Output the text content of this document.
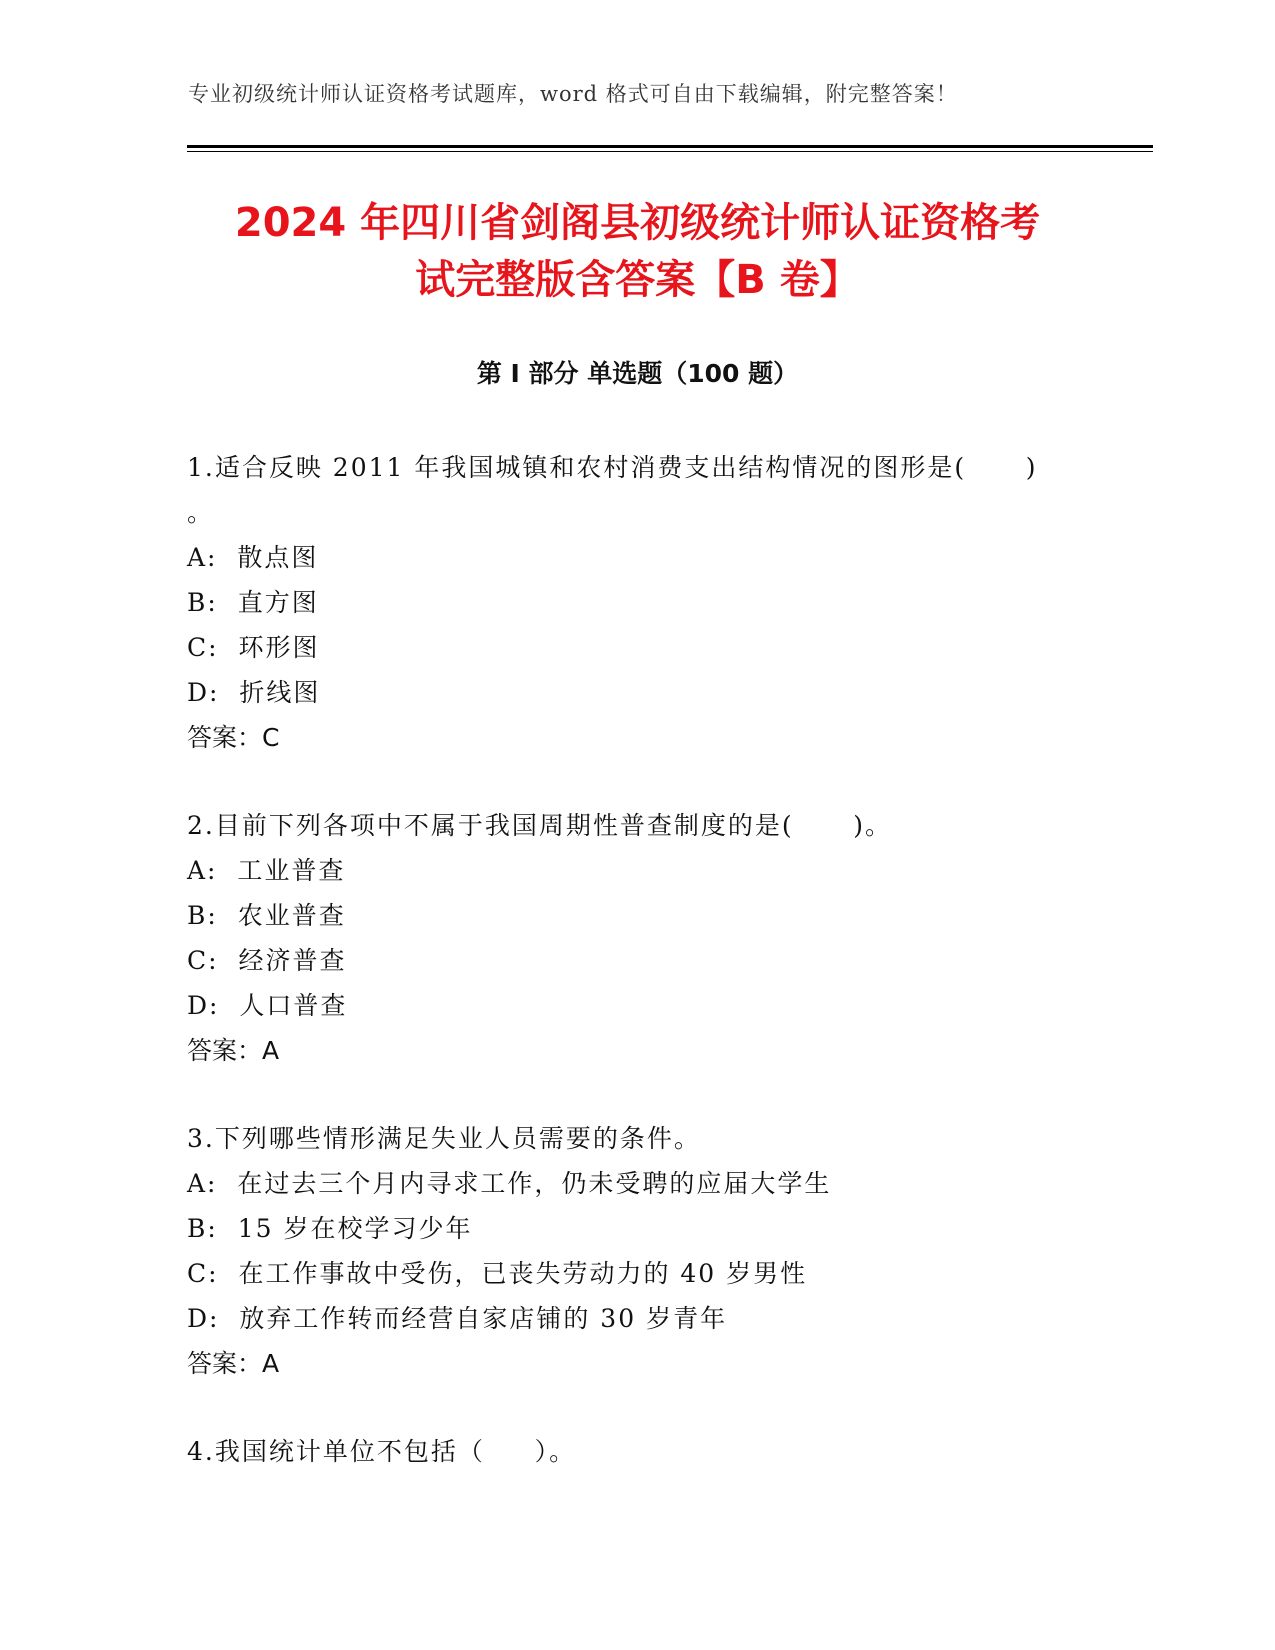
专业初级统计师认证资格考试题库，word 格式可自由下载编辑，附完整答案！
2024 年四川省剑阁县初级统计师认证资格考
试完整版含答案【B 卷】
第 I 部分 单选题（100 题）

1.适合反映 2011 年我国城镇和农村消费支出结构情况的图形是(      )
。

A:  散点图

B:  直方图

C:  环形图

D:  折线图

答案：C

2.目前下列各项中不属于我国周期性普查制度的是(      )。

A:  工业普查

B:  农业普查

C:  经济普查

D:  人口普查

答案：A

3.下列哪些情形满足失业人员需要的条件。

A:  在过去三个月内寻求工作，仍未受聘的应届大学生

B:  15 岁在校学习少年

C:  在工作事故中受伤，已丧失劳动力的 40 岁男性

D:  放弃工作转而经营自家店铺的 30 岁青年

答案：A

4.我国统计单位不包括（     ）。
